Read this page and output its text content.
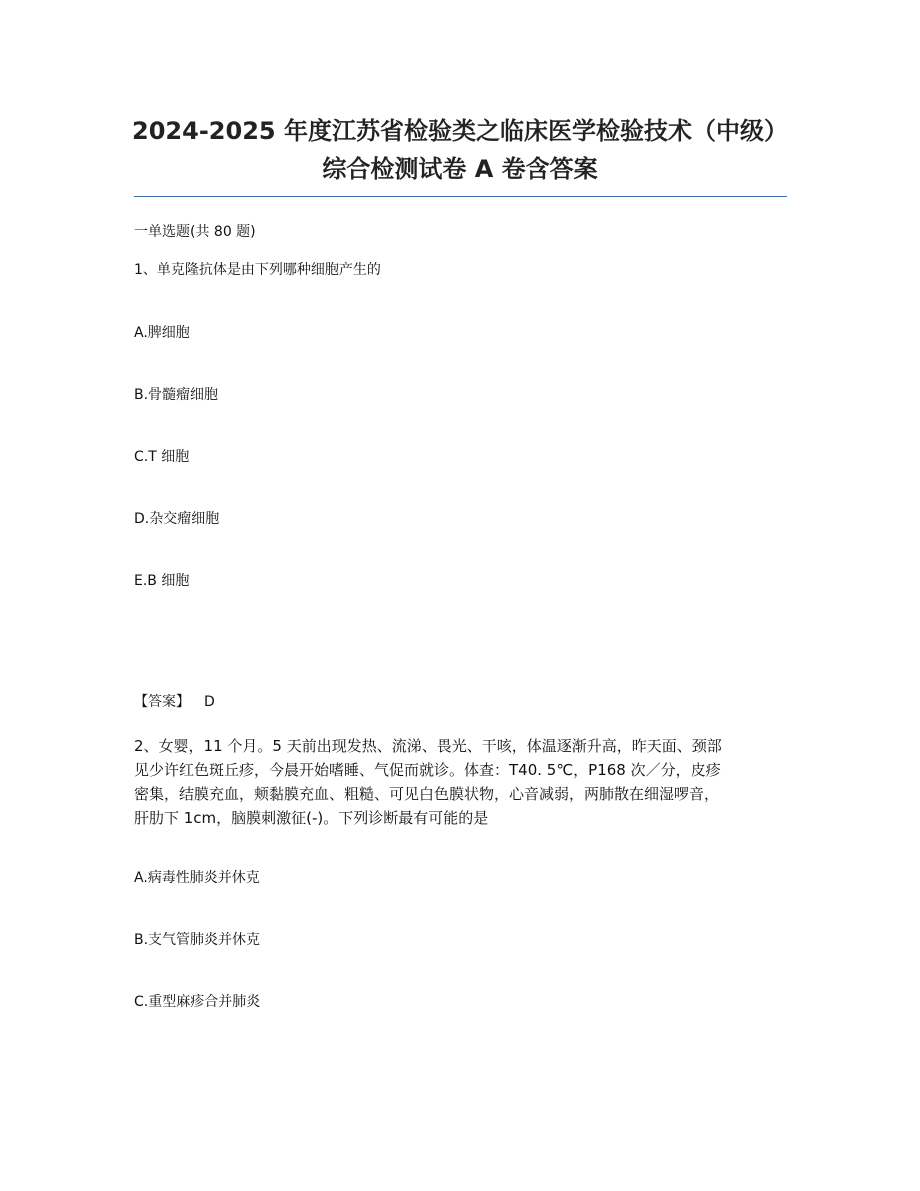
2024-2025 年度江苏省检验类之临床医学检验技术（中级）
综合检测试卷 A 卷含答案
一单选题(共 80 题)
1、单克隆抗体是由下列哪种细胞产生的
A.脾细胞
B.骨髓瘤细胞
C.T 细胞
D.杂交瘤细胞
E.B 细胞
【答案】 D
2、女婴，11 个月。5 天前出现发热、流涕、畏光、干咳，体温逐渐升高，昨天面、颈部
见少许红色斑丘疹，今晨开始嗜睡、气促而就诊。体查：T40. 5℃，P168 次／分，皮疹
密集，结膜充血，颊黏膜充血、粗糙、可见白色膜状物，心音减弱，两肺散在细湿啰音，
肝肋下 1cm，脑膜刺激征(-)。下列诊断最有可能的是
A.病毒性肺炎并休克
B.支气管肺炎并休克
C.重型麻疹合并肺炎
